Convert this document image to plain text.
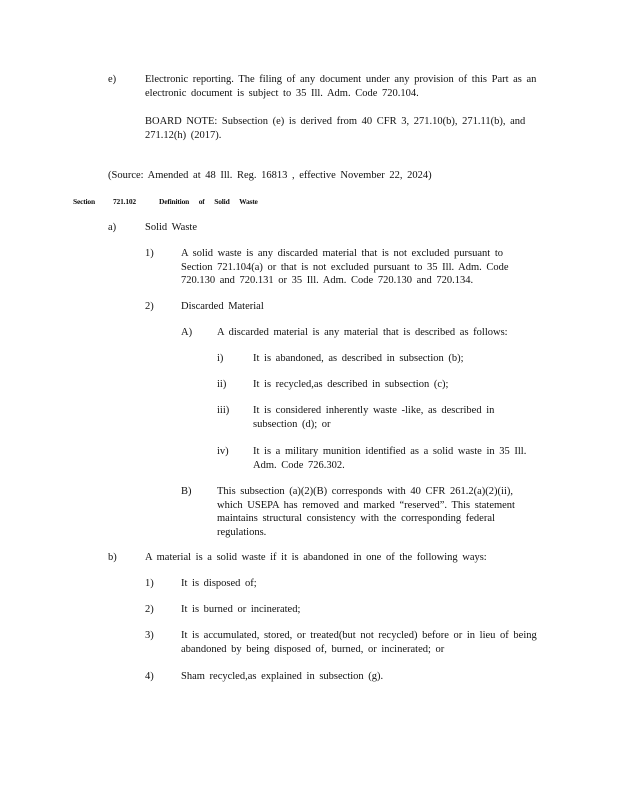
e)	Electronic reporting. The filing of any document under any provision of this Part as an electronic document is subject to 35 Ill. Adm. Code 720.104.
BOARD NOTE: Subsection (e) is derived from 40 CFR 3, 271.10(b), 271.11(b), and 271.12(h) (2017).
(Source: Amended at 48 Ill. Reg. 16813 , effective November 22, 2024)
Section 721.102	Definition of Solid Waste
a)	Solid Waste
1)	A solid waste is any discarded material that is not excluded pursuant to Section 721.104(a) or that is not excluded pursuant to 35 Ill. Adm. Code 720.130 and 720.131 or 35 Ill. Adm. Code 720.130 and 720.134.
2)	Discarded Material
A) A discarded material is any material that is described as follows:
i)	It is abandoned, as described in subsection (b);
ii)	It is recycled,as described in subsection (c);
iii) It is considered inherently waste -like, as described in subsection (d); or
iv) It is a military munition identified as a solid waste in 35 Ill. Adm. Code 726.302.
B) This subsection (a)(2)(B) corresponds with 40 CFR 261.2(a)(2)(ii), which USEPA has removed and marked “reserved”. This statement maintains structural consistency with the corresponding federal regulations.
b)	A material is a solid waste if it is abandoned in one of the following ways:
1)	It is disposed of;
2)	It is burned or incinerated;
3)	It is accumulated, stored, or treated(but not recycled) before or in lieu of being abandoned by being disposed of, burned, or incinerated; or
4)	Sham recycled,as explained in subsection (g).
